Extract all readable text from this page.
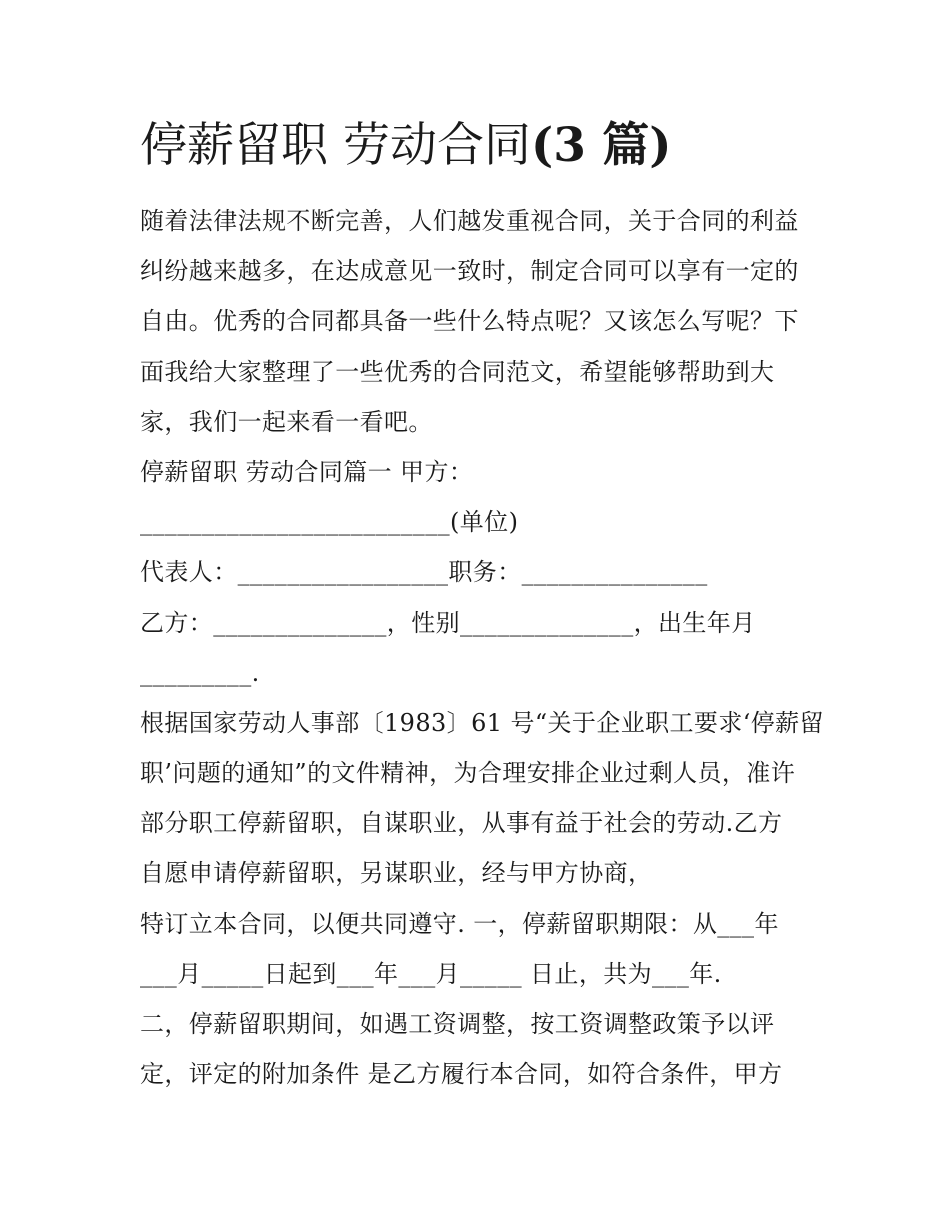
停薪留职 劳动合同(3 篇)
随着法律法规不断完善，人们越发重视合同，关于合同的利益
纠纷越来越多，在达成意见一致时，制定合同可以享有一定的
自由。优秀的合同都具备一些什么特点呢？又该怎么写呢？下
面我给大家整理了一些优秀的合同范文，希望能够帮助到大
家，我们一起来看一看吧。
停薪留职 劳动合同篇一 甲方：
_________________________(单位)
代表人：_________________职务：_______________
乙方：______________，性别______________，出生年月
_________.
根据国家劳动人事部〔1983〕61 号“关于企业职工要求‘停薪留
职’问题的通知”的文件精神，为合理安排企业过剩人员，准许
部分职工停薪留职，自谋职业，从事有益于社会的劳动.乙方
自愿申请停薪留职，另谋职业，经与甲方协商，
特订立本合同，以便共同遵守. 一，停薪留职期限：从___年
___月_____日起到___年___月_____ 日止，共为___年.
二，停薪留职期间，如遇工资调整，按工资调整政策予以评
定，评定的附加条件 是乙方履行本合同，如符合条件，甲方
